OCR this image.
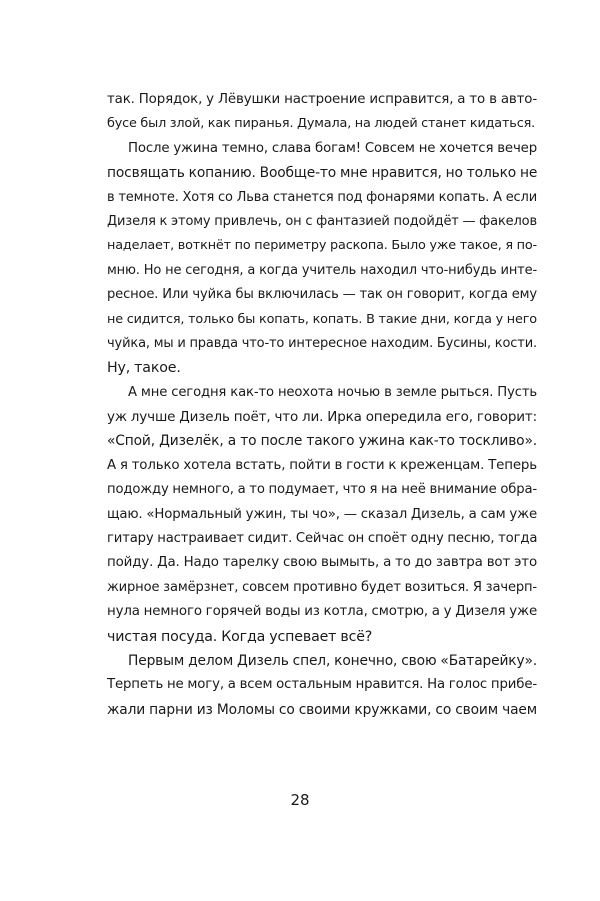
так. Порядок, у Лёвушки настроение исправится, а то в авто-
бусе был злой, как пиранья. Думала, на людей станет кидаться.
После ужина темно, слава богам! Совсем не хочется вечер
посвящать копанию. Вообще-то мне нравится, но только не
в темноте. Хотя со Льва станется под фонарями копать. А если
Дизеля к этому привлечь, он с фантазией подойдёт — факелов
наделает, воткнёт по периметру раскопа. Было уже такое, я по-
мню. Но не сегодня, а когда учитель находил что-нибудь инте-
ресное. Или чуйка бы включилась — так он говорит, когда ему
не сидится, только бы копать, копать. В такие дни, когда у него
чуйка, мы и правда что-то интересное находим. Бусины, кости.
Ну, такое.
А мне сегодня как-то неохота ночью в земле рыться. Пусть
уж лучше Дизель поёт, что ли. Ирка опередила его, говорит:
«Спой, Дизелёк, а то после такого ужина как-то тоскливо».
А я только хотела встать, пойти в гости к креженцам. Теперь
подожду немного, а то подумает, что я на неё внимание обра-
щаю. «Нормальный ужин, ты чо», — сказал Дизель, а сам уже
гитару настраивает сидит. Сейчас он споёт одну песню, тогда
пойду. Да. Надо тарелку свою вымыть, а то до завтра вот это
жирное замёрзнет, совсем противно будет возиться. Я зачерп-
нула немного горячей воды из котла, смотрю, а у Дизеля уже
чистая посуда. Когда успевает всё?
Первым делом Дизель спел, конечно, свою «Батарейку».
Терпеть не могу, а всем остальным нравится. На голос прибе-
жали парни из Моломы со своими кружками, со своим чаем
28
